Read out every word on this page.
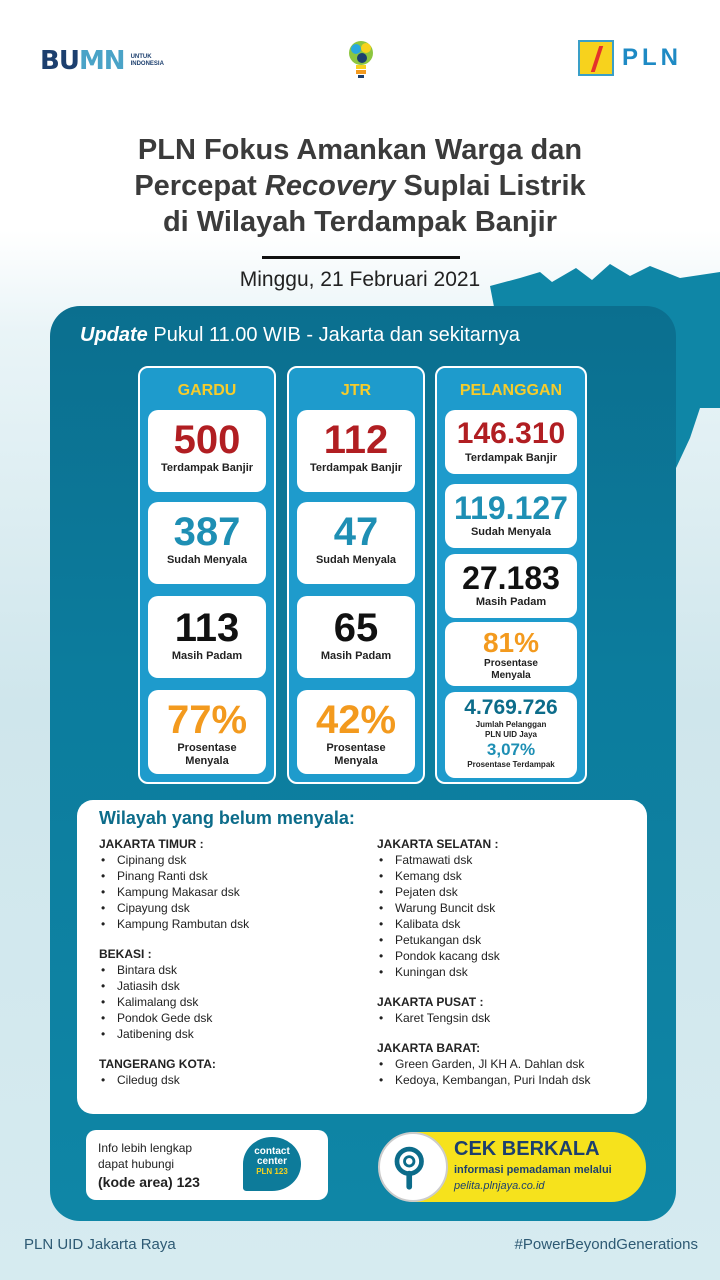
BUMN UNTUK
INDONESIA	PLN
PLN Fokus Amankan Warga dan
Percepat Recovery Suplai Listrik
di Wilayah Terdampak Banjir
Minggu, 21 Februari 2021
Update Pukul 11.00 WIB - Jakarta dan sekitarnya
GARDU
500
Terdampak Banjir
387
Sudah Menyala
113
Masih Padam
77%
Prosentase
Menyala
JTR
112
Terdampak Banjir
47
Sudah Menyala
65
Masih Padam
42%
Prosentase
Menyala
PELANGGAN
146.310
Terdampak Banjir
119.127
Sudah Menyala
27.183
Masih Padam
81%
Prosentase
Menyala
4.769.726
Jumlah Pelanggan
PLN UID Jaya
3,07%
Prosentase Terdampak
Wilayah yang belum menyala:
JAKARTA TIMUR :
• Cipinang dsk
• Pinang Ranti dsk
• Kampung Makasar dsk
• Cipayung dsk
• Kampung Rambutan dsk
BEKASI :
• Bintara dsk
• Jatiasih dsk
• Kalimalang dsk
• Pondok Gede dsk
• Jatibening dsk
TANGERANG KOTA:
• Ciledug dsk
JAKARTA SELATAN :
• Fatmawati dsk
• Kemang dsk
• Pejaten dsk
• Warung Buncit dsk
• Kalibata dsk
• Petukangan dsk
• Pondok kacang dsk
• Kuningan dsk
JAKARTA PUSAT :
• Karet Tengsin dsk
JAKARTA BARAT:
• Green Garden, Jl KH A. Dahlan dsk
• Kedoya, Kembangan, Puri Indah dsk
Info lebih lengkap
dapat hubungi
(kode area) 123
contact
center
PLN 123
CEK BERKALA
informasi pemadaman melalui
pelita.plnjaya.co.id
PLN UID Jakarta Raya	#PowerBeyondGenerations
